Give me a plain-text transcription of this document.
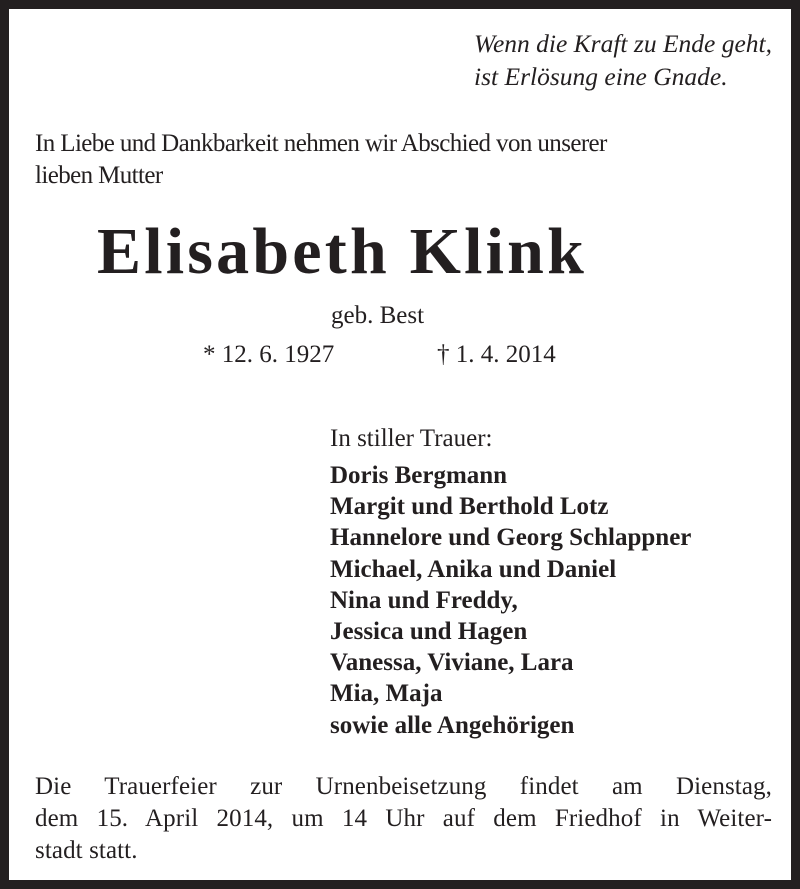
Wenn die Kraft zu Ende geht,
ist Erlösung eine Gnade.
In Liebe und Dankbarkeit nehmen wir Abschied von unserer
lieben Mutter
Elisabeth Klink
geb. Best
* 12. 6. 1927	† 1. 4. 2014
In stiller Trauer:
Doris Bergmann
Margit und Berthold Lotz
Hannelore und Georg Schlappner
Michael, Anika und Daniel
Nina und Freddy,
Jessica und Hagen
Vanessa, Viviane, Lara
Mia, Maja
sowie alle Angehörigen
Die Trauerfeier zur Urnenbeisetzung findet am Dienstag,
dem 15. April 2014, um 14 Uhr auf dem Friedhof in Weiter-
stadt statt.
